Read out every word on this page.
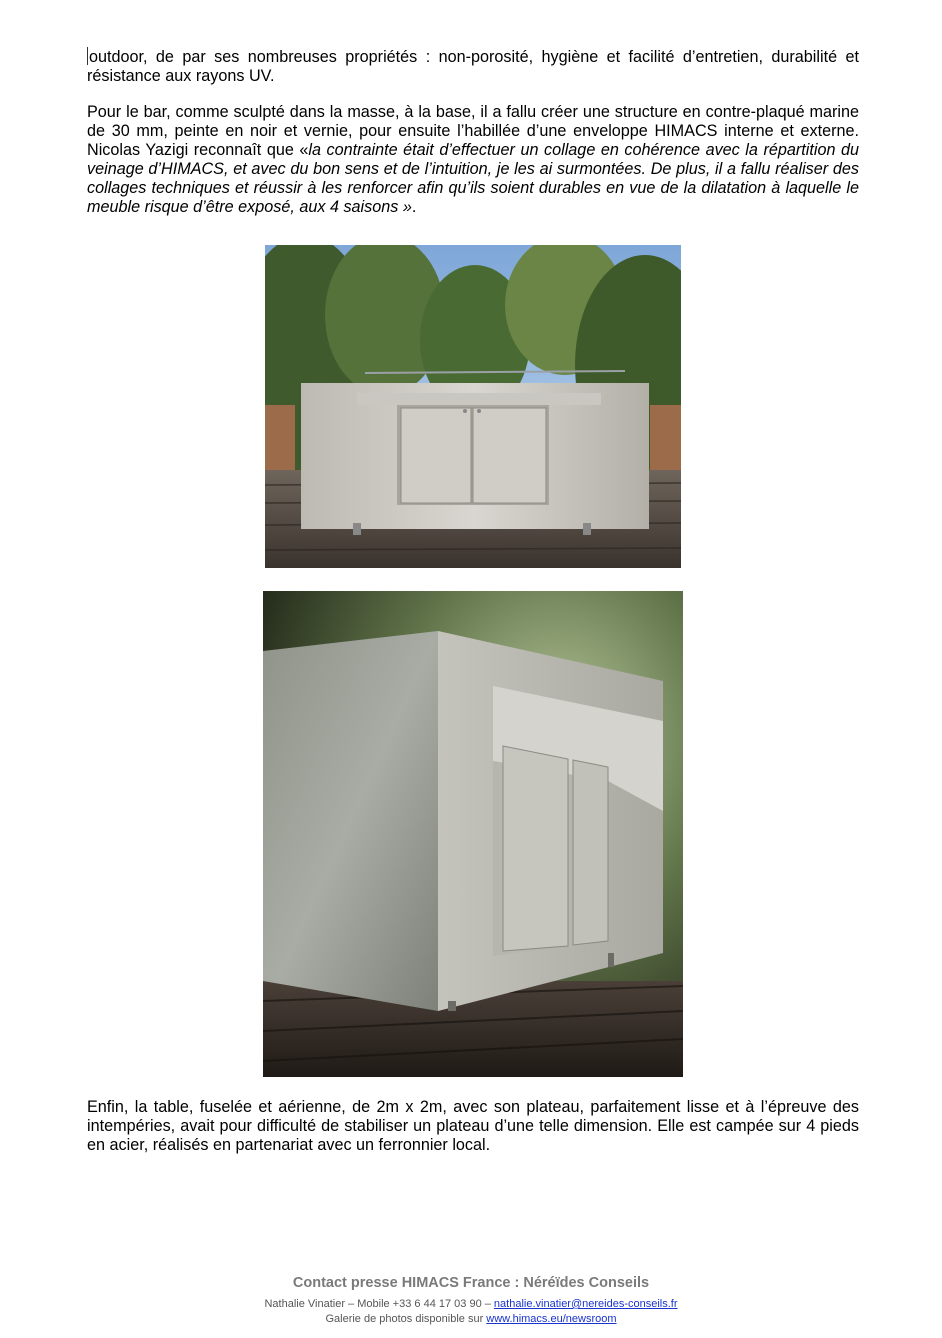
outdoor, de par ses nombreuses propriétés : non-porosité, hygiène et facilité d’entretien, durabilité et résistance aux rayons UV.

Pour le bar, comme sculpté dans la masse, à la base, il a fallu créer une structure en contre-plaqué marine de 30 mm, peinte en noir et vernie, pour ensuite l’habillée d’une enveloppe HIMACS interne et externe. Nicolas Yazigi reconnaît que «la contrainte était d’effectuer un collage en cohérence avec la répartition du veinage d’HIMACS, et avec du bon sens et de l’intuition, je les ai surmontées. De plus, il a fallu réaliser des collages techniques et réussir à les renforcer afin qu’ils soient durables en vue de la dilatation à laquelle le meuble risque d’être exposé, aux 4 saisons ».

Enfin, la table, fuselée et aérienne, de 2m x 2m, avec son plateau, parfaitement lisse et à l’épreuve des intempéries, avait pour difficulté de stabiliser un plateau d’une telle dimension. Elle est campée sur 4 pieds en acier, réalisés en partenariat avec un ferronnier local.

Contact presse HIMACS France : Néréïdes Conseils

Nathalie Vinatier – Mobile +33 6 44 17 03 90 – nathalie.vinatier@nereides-conseils.fr

Galerie de photos disponible sur www.himacs.eu/newsroom
